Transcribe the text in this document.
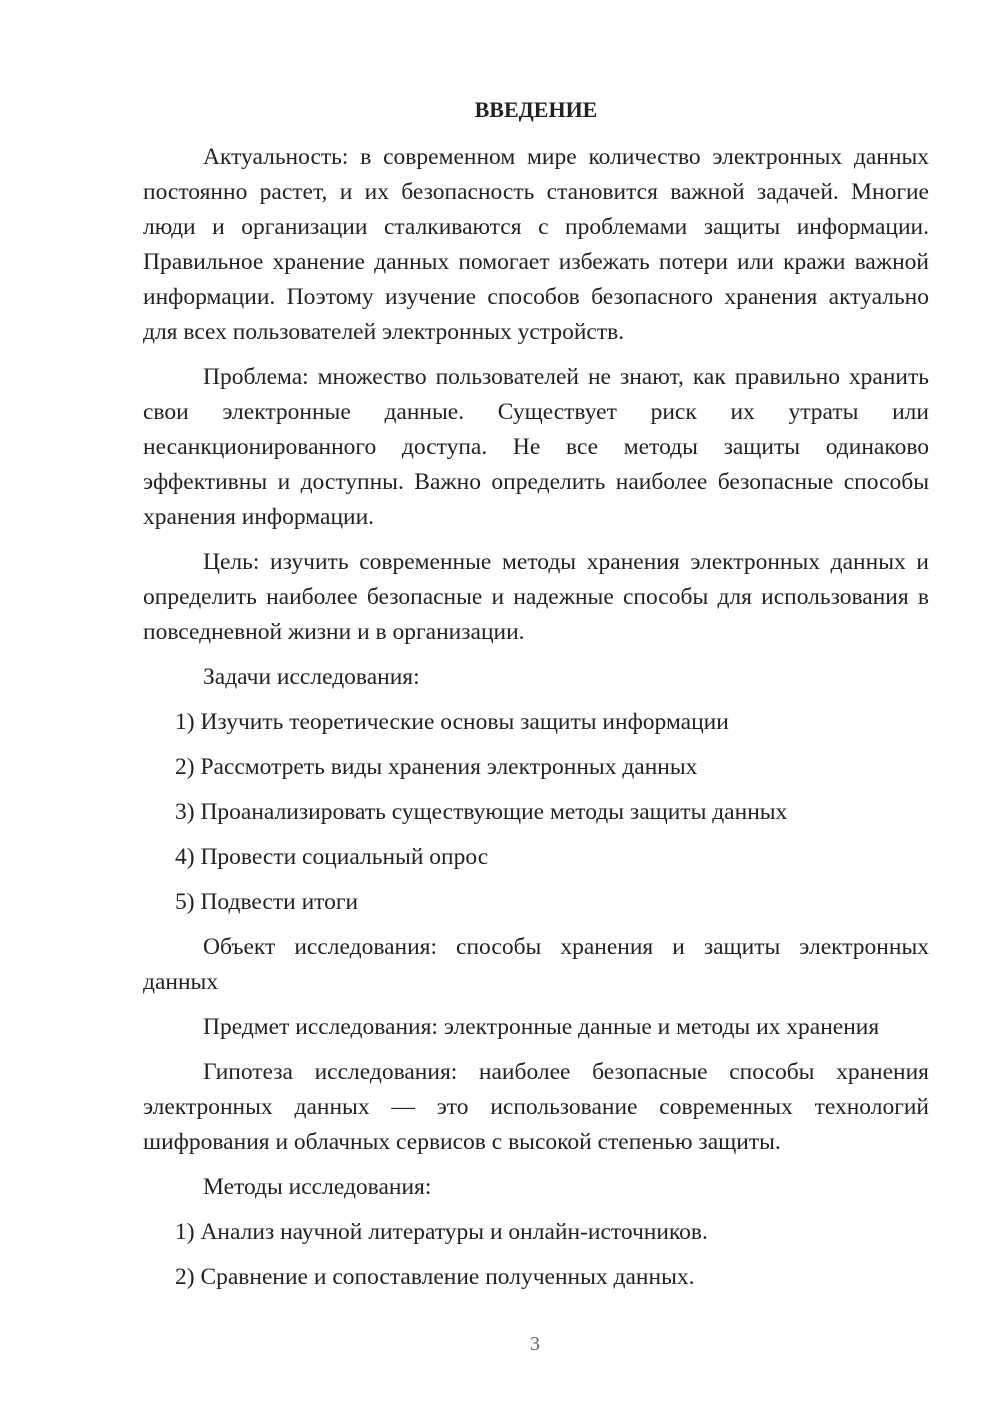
ВВЕДЕНИЕ

Актуальность: в современном мире количество электронных данных постоянно растет, и их безопасность становится важной задачей. Многие люди и организации сталкиваются с проблемами защиты информации. Правильное хранение данных помогает избежать потери или кражи важной информации. Поэтому изучение способов безопасного хранения актуально для всех пользователей электронных устройств.

Проблема: множество пользователей не знают, как правильно хранить свои электронные данные. Существует риск их утраты или несанкционированного доступа. Не все методы защиты одинаково эффективны и доступны. Важно определить наиболее безопасные способы хранения информации.

Цель: изучить современные методы хранения электронных данных и определить наиболее безопасные и надежные способы для использования в повседневной жизни и в организации.

Задачи исследования:

1) Изучить теоретические основы защиты информации

2) Рассмотреть виды хранения электронных данных

3) Проанализировать существующие методы защиты данных

4) Провести социальный опрос

5) Подвести итоги

Объект исследования: способы хранения и защиты электронных данных

Предмет исследования: электронные данные и методы их хранения

Гипотеза исследования: наиболее безопасные способы хранения электронных данных — это использование современных технологий шифрования и облачных сервисов с высокой степенью защиты.

Методы исследования:

1) Анализ научной литературы и онлайн-источников.

2) Сравнение и сопоставление полученных данных.

3
